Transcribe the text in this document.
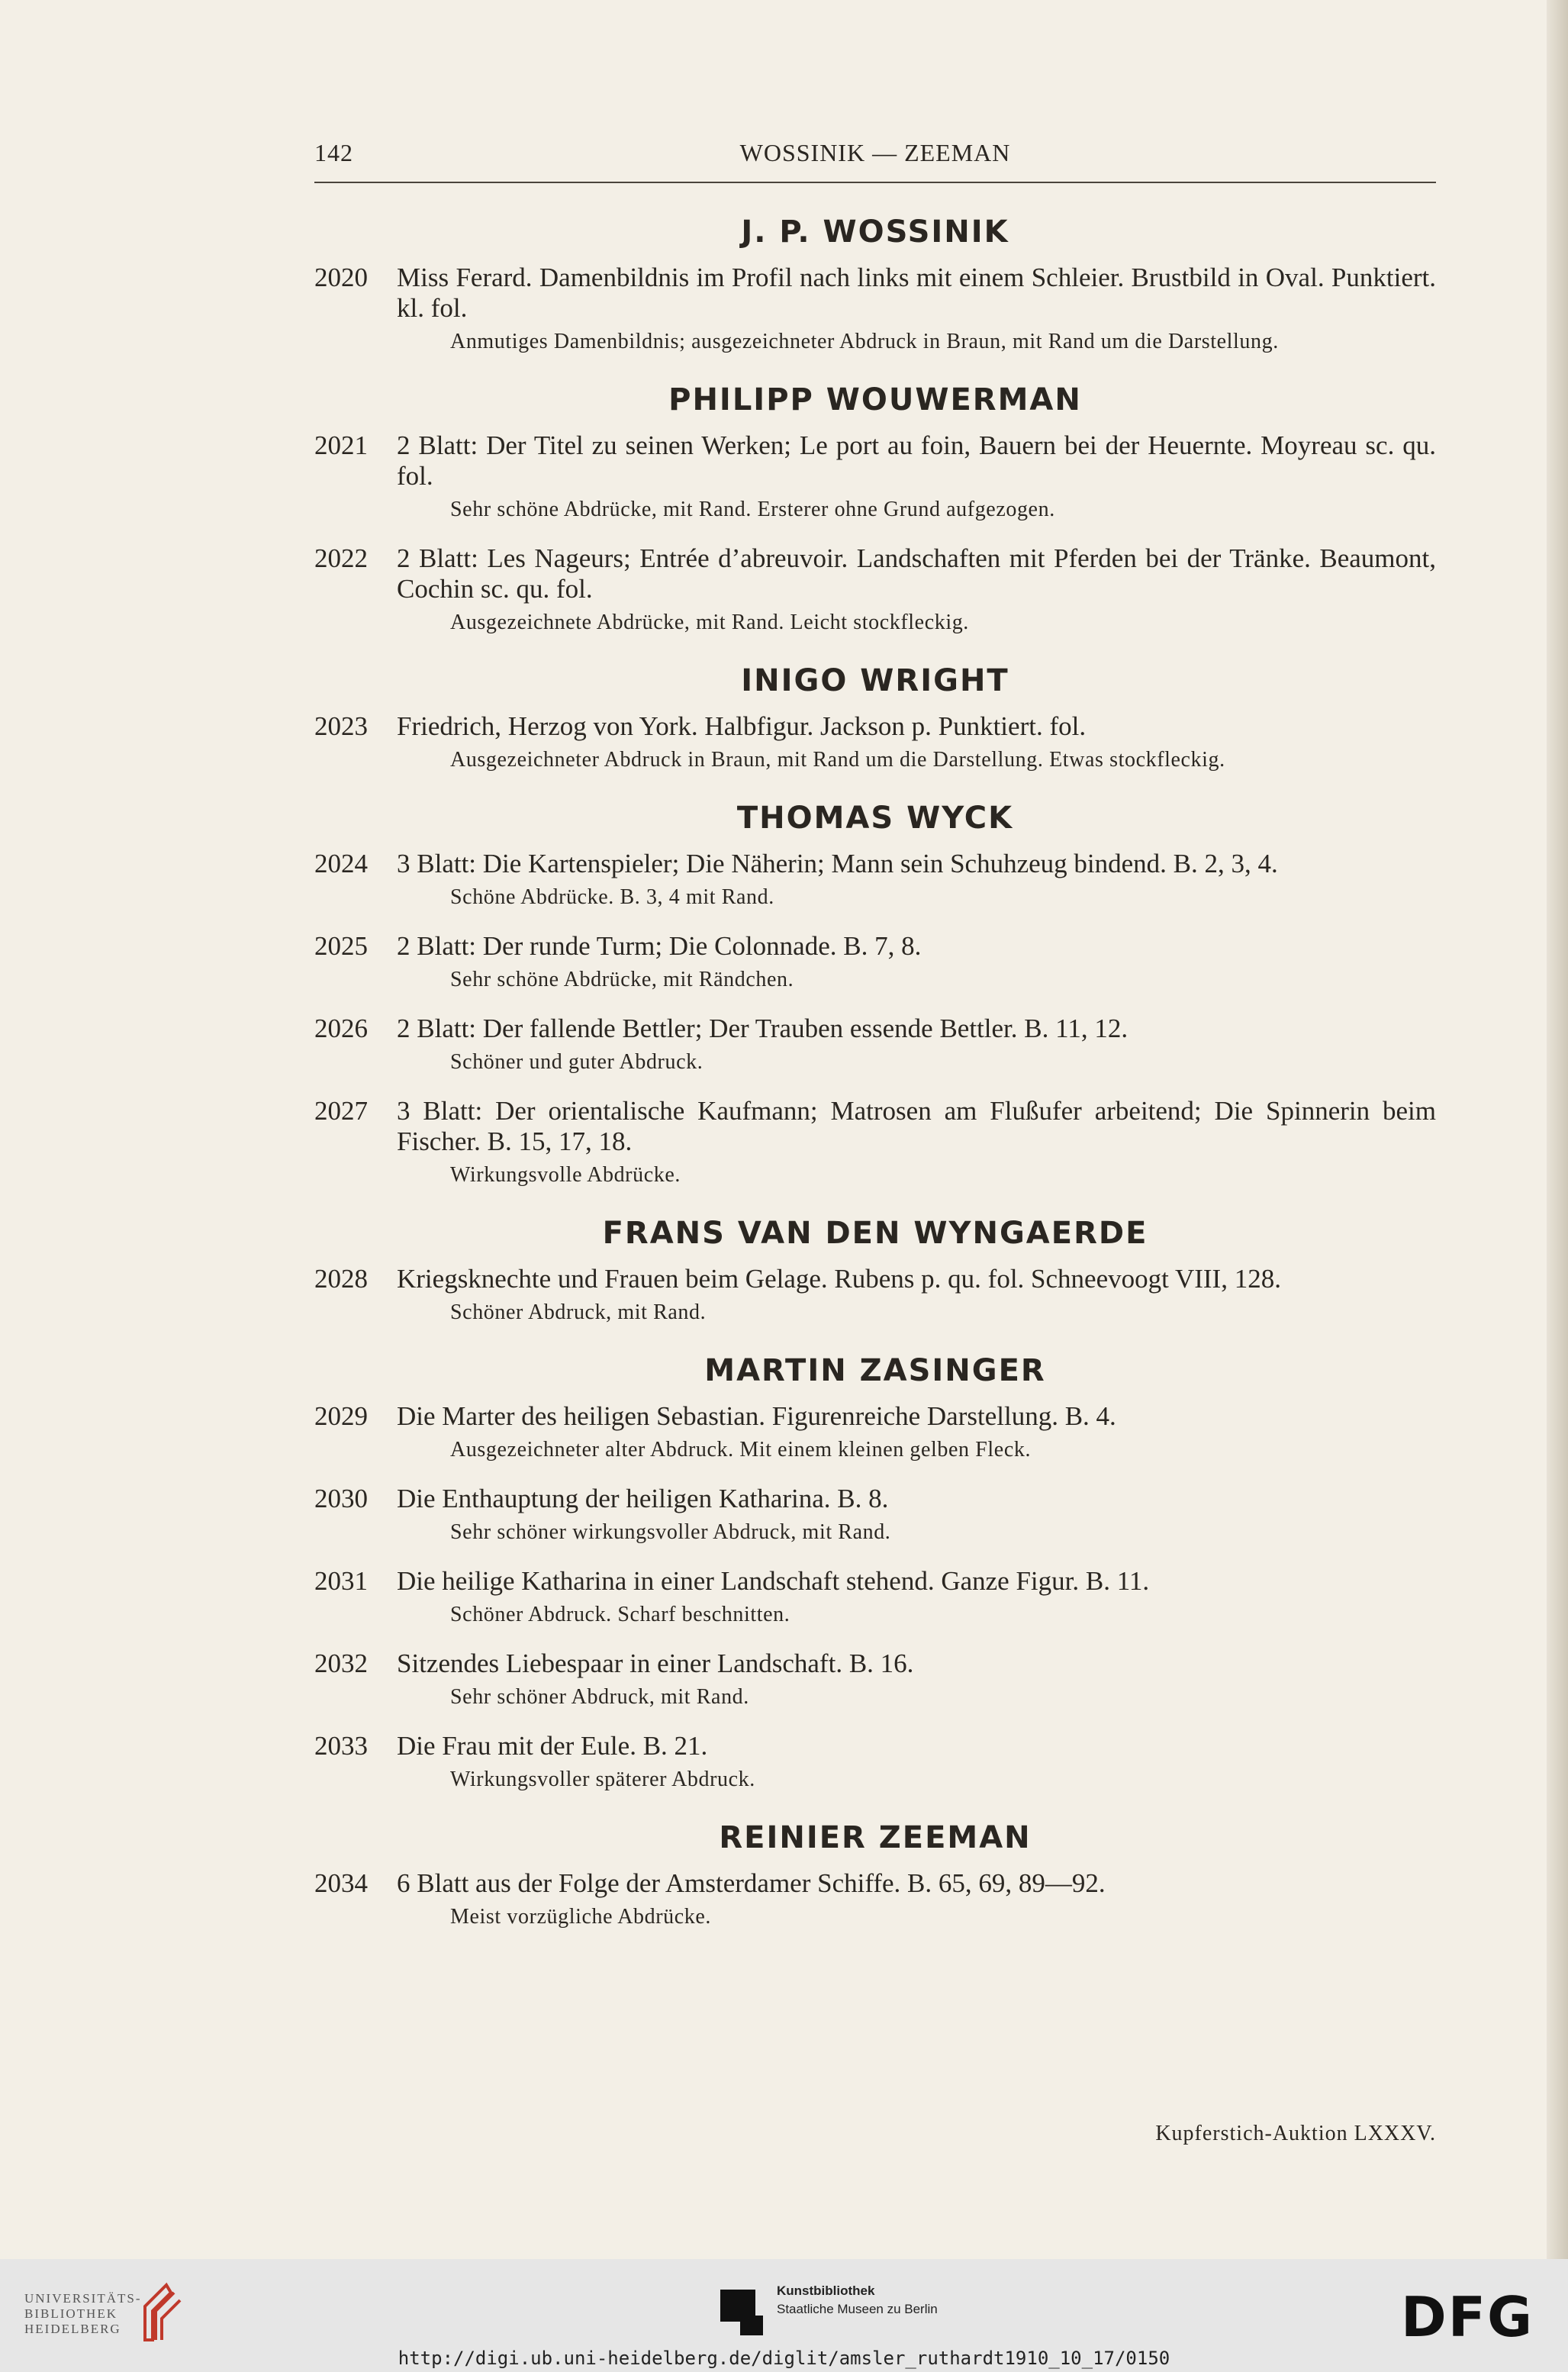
142	WOSSINIK — ZEEMAN
J. P. WOSSINIK
2020 Miss Ferard. Damenbildnis im Profil nach links mit einem Schleier. Brustbild in Oval. Punktiert. kl. fol.
Anmutiges Damenbildnis; ausgezeichneter Abdruck in Braun, mit Rand um die Darstellung.
PHILIPP WOUWERMAN
2021 2 Blatt: Der Titel zu seinen Werken; Le port au foin, Bauern bei der Heuernte. Moyreau sc. qu. fol.
Sehr schöne Abdrücke, mit Rand. Ersterer ohne Grund aufgezogen.
2022 2 Blatt: Les Nageurs; Entrée d’abreuvoir. Landschaften mit Pferden bei der Tränke. Beaumont, Cochin sc. qu. fol.
Ausgezeichnete Abdrücke, mit Rand. Leicht stockfleckig.
INIGO WRIGHT
2023 Friedrich, Herzog von York. Halbfigur. Jackson p. Punktiert. fol.
Ausgezeichneter Abdruck in Braun, mit Rand um die Darstellung. Etwas stockfleckig.
THOMAS WYCK
2024 3 Blatt: Die Kartenspieler; Die Näherin; Mann sein Schuhzeug bindend. B. 2, 3, 4.
Schöne Abdrücke. B. 3, 4 mit Rand.
2025 2 Blatt: Der runde Turm; Die Colonnade. B. 7, 8.
Sehr schöne Abdrücke, mit Rändchen.
2026 2 Blatt: Der fallende Bettler; Der Trauben essende Bettler. B. 11, 12.
Schöner und guter Abdruck.
2027 3 Blatt: Der orientalische Kaufmann; Matrosen am Flußufer arbeitend; Die Spinnerin beim Fischer. B. 15, 17, 18.
Wirkungsvolle Abdrücke.
FRANS VAN DEN WYNGAERDE
2028 Kriegsknechte und Frauen beim Gelage. Rubens p. qu. fol. Schneevoogt VIII, 128.
Schöner Abdruck, mit Rand.
MARTIN ZASINGER
2029 Die Marter des heiligen Sebastian. Figurenreiche Darstellung. B. 4.
Ausgezeichneter alter Abdruck. Mit einem kleinen gelben Fleck.
2030 Die Enthauptung der heiligen Katharina. B. 8.
Sehr schöner wirkungsvoller Abdruck, mit Rand.
2031 Die heilige Katharina in einer Landschaft stehend. Ganze Figur. B. 11.
Schöner Abdruck. Scharf beschnitten.
2032 Sitzendes Liebespaar in einer Landschaft. B. 16.
Sehr schöner Abdruck, mit Rand.
2033 Die Frau mit der Eule. B. 21.
Wirkungsvoller späterer Abdruck.
REINIER ZEEMAN
2034 6 Blatt aus der Folge der Amsterdamer Schiffe. B. 65, 69, 89—92.
Meist vorzügliche Abdrücke.
Kupferstich-Auktion LXXXV.
UNIVERSITÄTS-
BIBLIOTHEK
HEIDELBERG
Kunstbibliothek
Staatliche Museen zu Berlin	DFG
http://digi.ub.uni-heidelberg.de/diglit/amsler_ruthardt1910_10_17/0150
